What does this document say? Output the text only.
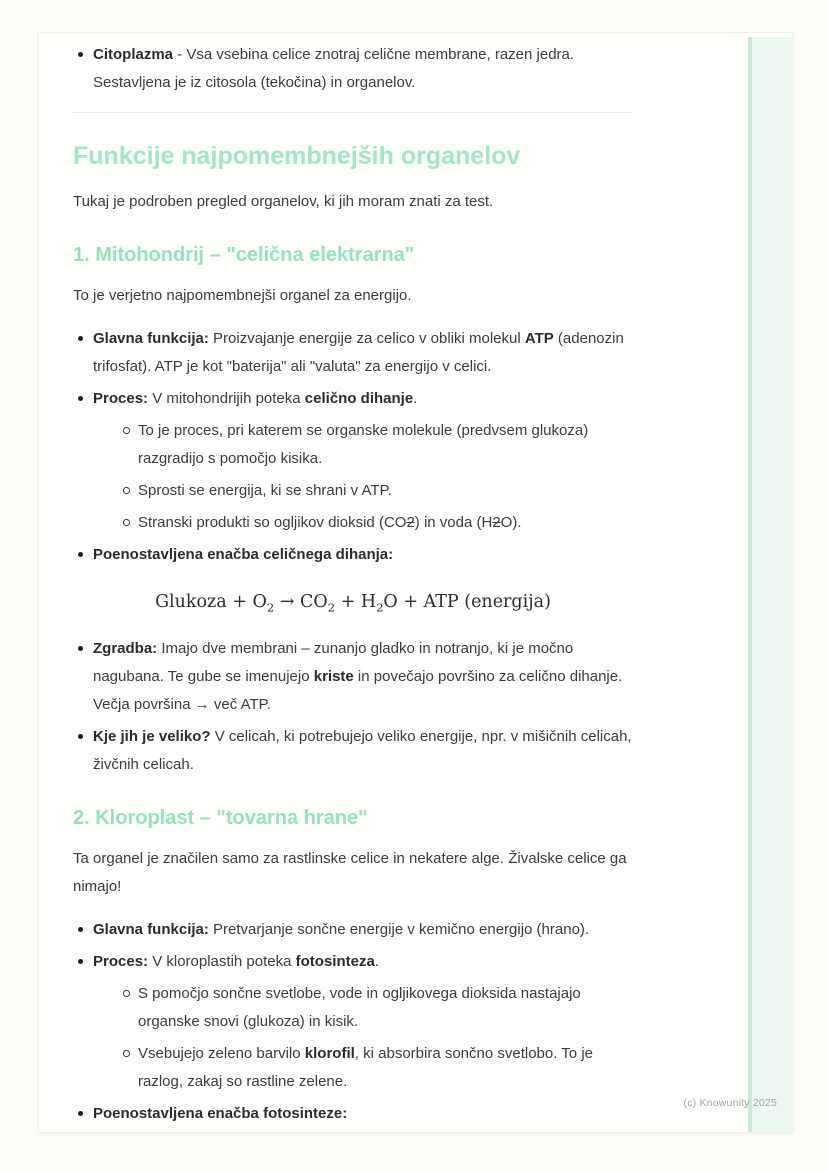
Citoplazma - Vsa vsebina celice znotraj celične membrane, razen jedra. Sestavljena je iz citosola (tekočina) in organelov.
Funkcije najpomembnejših organelov

Tukaj je podroben pregled organelov, ki jih moram znati za test.

1. Mitohondrij – "celična elektrarna"

To je verjetno najpomembnejši organel za energijo.

Glavna funkcija: Proizvajanje energije za celico v obliki molekul ATP (adenozin trifosfat). ATP je kot "baterija" ali "valuta" za energijo v celici.
Proces: V mitohondrijih poteka celično dihanje.
To je proces, pri katerem se organske molekule (predvsem glukoza) razgradijo s pomočjo kisika.
Sprosti se energija, ki se shrani v ATP.
Stranski produkti so ogljikov dioksid (CO2) in voda (H2O).
Poenostavljena enačba celičnega dihanja:
Glukoza + $O_2 \to CO_2 + H_2O$ + ATP (energija)
Zgradba: Imajo dve membrani – zunanjo gladko in notranjo, ki je močno nagubana. Te gube se imenujejo kriste in povečajo površino za celično dihanje. Večja površina → več ATP.
Kje jih je veliko? V celicah, ki potrebujejo veliko energije, npr. v mišičnih celicah, živčnih celicah.
2. Kloroplast – "tovarna hrane"

Ta organel je značilen samo za rastlinske celice in nekatere alge. Živalske celice ga nimajo!

Glavna funkcija: Pretvarjanje sončne energije v kemično energijo (hrano).
Proces: V kloroplastih poteka fotosinteza.
S pomočjo sončne svetlobe, vode in ogljikovega dioksida nastajajo organske snovi (glukoza) in kisik.
Vsebujejo zeleno barvilo klorofil, ki absorbira sončno svetlobo. To je razlog, zakaj so rastline zelene.
Poenostavljena enačba fotosinteze:
(c) Knowunity 2025
